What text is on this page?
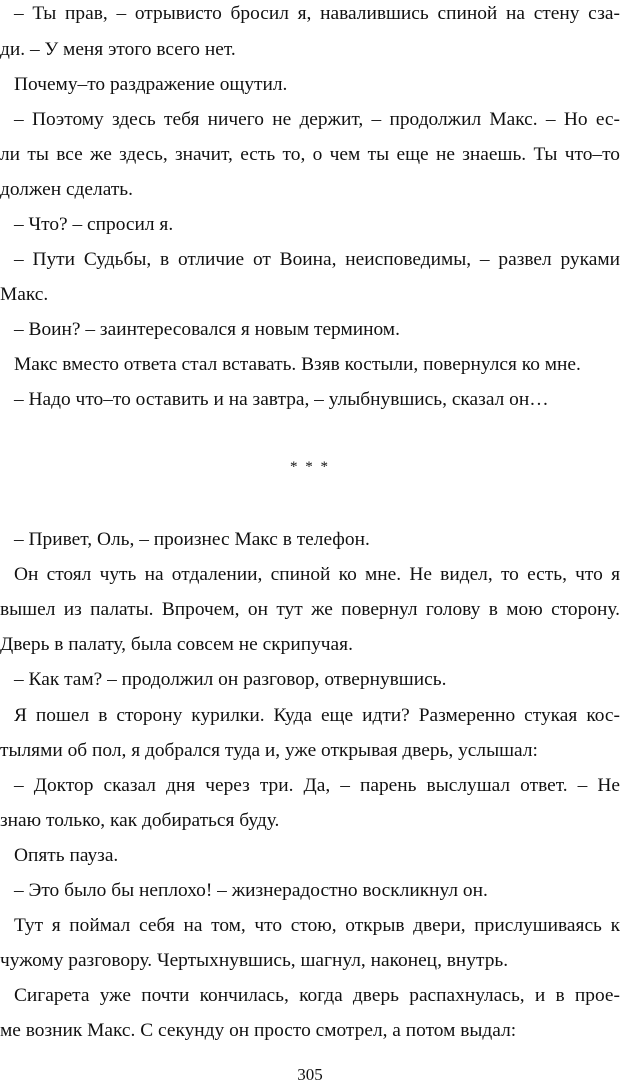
– Ты прав, – отрывисто бросил я, навалившись спиной на стену сза-

ди. – У меня этого всего нет.

Почему–то раздражение ощутил.

– Поэтому здесь тебя ничего не держит, – продолжил Макс. – Но ес-

ли ты все же здесь, значит, есть то, о чем ты еще не знаешь. Ты что–то

должен сделать.

– Что? – спросил я.

– Пути Судьбы, в отличие от Воина, неисповедимы, – развел руками

Макс.

– Воин? – заинтересовался я новым термином.

Макс вместо ответа стал вставать. Взяв костыли, повернулся ко мне.

– Надо что–то оставить и на завтра, – улыбнувшись, сказал он…

* * *

– Привет, Оль, – произнес Макс в телефон.

Он стоял чуть на отдалении, спиной ко мне. Не видел, то есть, что я

вышел из палаты. Впрочем, он тут же повернул голову в мою сторону.

Дверь в палату, была совсем не скрипучая.

– Как там? – продолжил он разговор, отвернувшись.

Я пошел в сторону курилки. Куда еще идти? Размеренно стукая кос-

тылями об пол, я добрался туда и, уже открывая дверь, услышал:

– Доктор сказал дня через три. Да, – парень выслушал ответ. – Не

знаю только, как добираться буду.

Опять пауза.

– Это было бы неплохо! – жизнерадостно воскликнул он.

Тут я поймал себя на том, что стою, открыв двери, прислушиваясь к

чужому разговору. Чертыхнувшись, шагнул, наконец, внутрь.

Сигарета уже почти кончилась, когда дверь распахнулась, и в прое-

ме возник Макс. С секунду он просто смотрел, а потом выдал:

305
